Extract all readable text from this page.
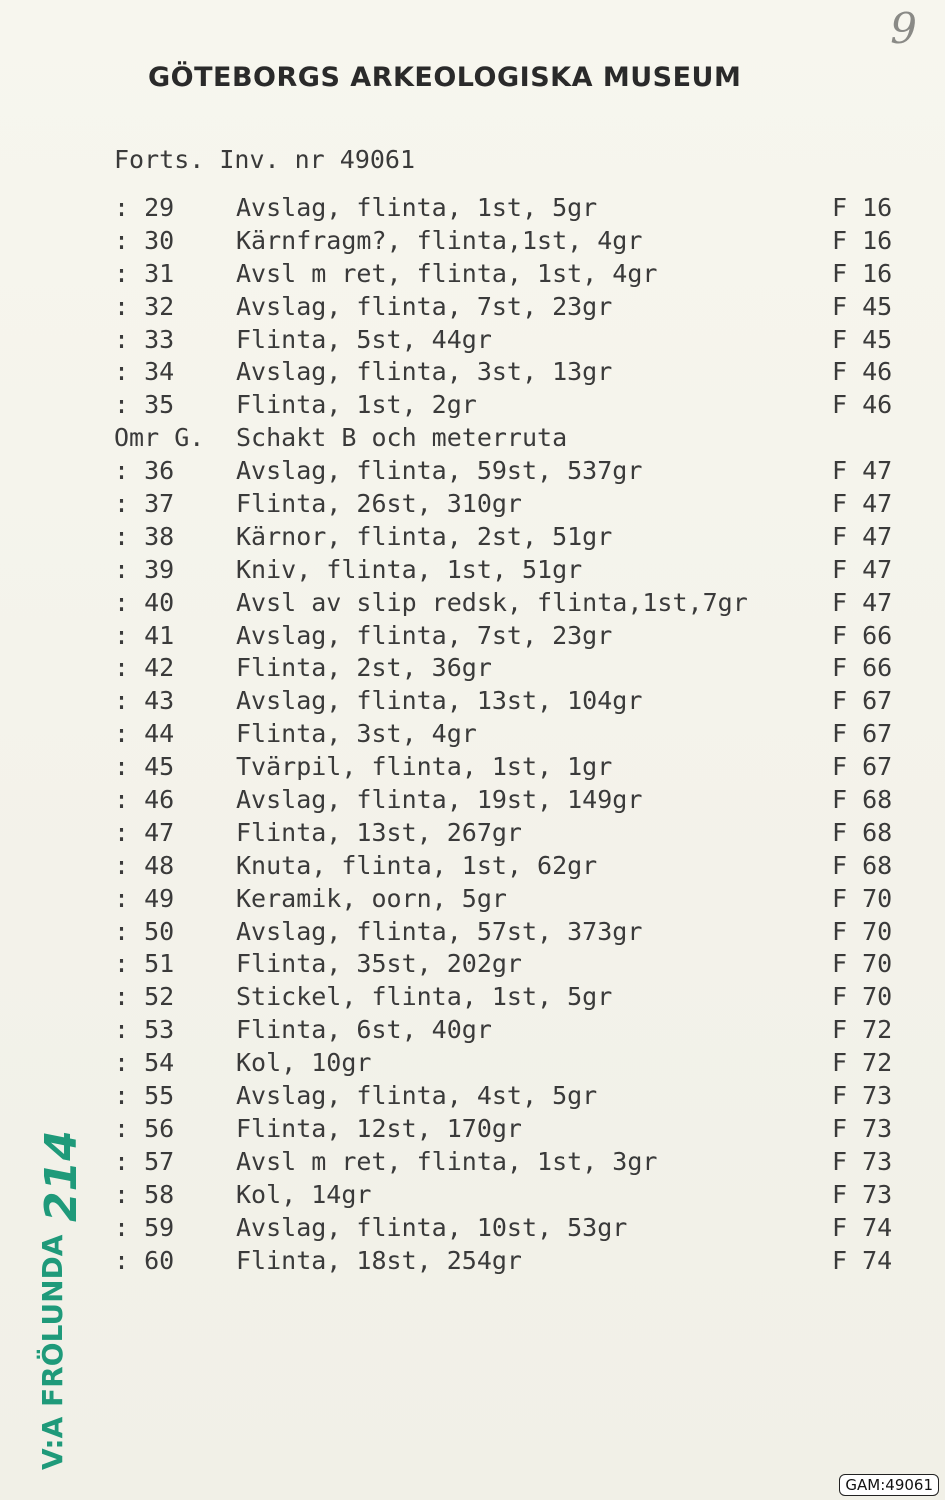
9
GÖTEBORGS ARKEOLOGISKA MUSEUM
Forts. Inv. nr 49061
: 29 Avslag, flinta, 1st, 5gr	F 16
: 30 Kärnfragm?, flinta,1st, 4gr	F 16
: 31 Avsl m ret, flinta, 1st, 4gr	F 16
: 32 Avslag, flinta, 7st, 23gr	F 45
: 33 Flinta, 5st, 44gr	F 45
: 34 Avslag, flinta, 3st, 13gr	F 46
: 35 Flinta, 1st, 2gr	F 46
Omr G. Schakt B och meterruta
: 36 Avslag, flinta, 59st, 537gr	F 47
: 37 Flinta, 26st, 310gr	F 47
: 38 Kärnor, flinta, 2st, 51gr	F 47
: 39 Kniv, flinta, 1st, 51gr	F 47
: 40 Avsl av slip redsk, flinta,1st,7gr	F 47
: 41 Avslag, flinta, 7st, 23gr	F 66
: 42 Flinta, 2st, 36gr	F 66
: 43 Avslag, flinta, 13st, 104gr	F 67
: 44 Flinta, 3st, 4gr	F 67
: 45 Tvärpil, flinta, 1st, 1gr	F 67
: 46 Avslag, flinta, 19st, 149gr	F 68
: 47 Flinta, 13st, 267gr	F 68
: 48 Knuta, flinta, 1st, 62gr	F 68
: 49 Keramik, oorn, 5gr	F 70
: 50 Avslag, flinta, 57st, 373gr	F 70
: 51 Flinta, 35st, 202gr	F 70
: 52 Stickel, flinta, 1st, 5gr	F 70
: 53 Flinta, 6st, 40gr	F 72
: 54 Kol, 10gr	F 72
: 55 Avslag, flinta, 4st, 5gr	F 73
: 56 Flinta, 12st, 170gr	F 73
: 57 Avsl m ret, flinta, 1st, 3gr	F 73
: 58 Kol, 14gr	F 73
: 59 Avslag, flinta, 10st, 53gr	F 74
: 60 Flinta, 18st, 254gr	F 74
V:A FRÖLUNDA
214
GAM:49061
